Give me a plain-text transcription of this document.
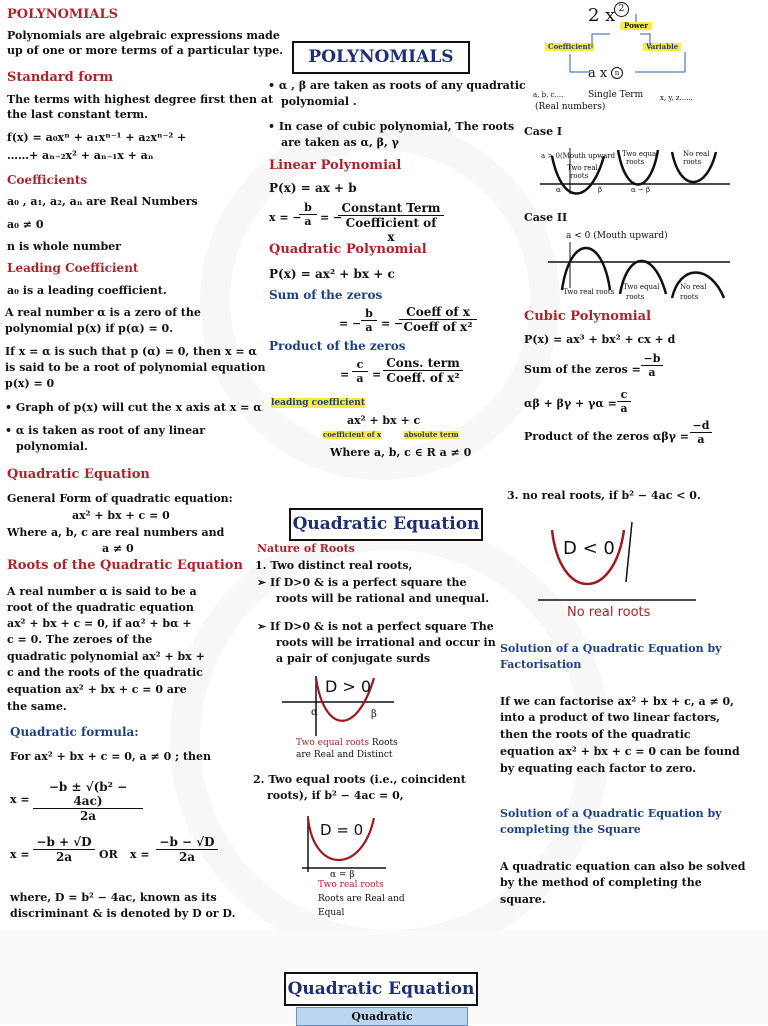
POLYNOMIALS
Polynomials are algebraic expressions made
up of one or more terms of a particular type.
Standard form
The terms with highest degree first then at
the last constant term.
f(x) = a₀xⁿ + a₁xⁿ⁻¹ + a₂xⁿ⁻² +
……+ aₙ₋₂x² + aₙ₋₁x + aₙ
Coefficients
a₀ , a₁, a₂, aₙ are Real Numbers
a₀ ≠ 0
n is whole number
Leading Coefficient
a₀ is a leading coefficient.
A real number α is a zero of the
polynomial p(x) if p(α) = 0.
If x = α is such that p (α) = 0, then x = α
is said to be a root of polynomial equation
p(x) = 0
• Graph of p(x) will cut the x axis at x = α
• α is taken as root of any linear
polynomial.
Quadratic Equation
General Form of quadratic equation:
ax² + bx + c = 0
Where a, b, c are real numbers and
a ≠ 0
Roots of the Quadratic Equation
A real number α is said to be a
root of the quadratic equation
ax² + bx + c = 0, if aα² + bα +
c = 0. The zeroes of the
quadratic polynomial ax² + bx +
c and the roots of the quadratic
equation ax² + bx + c = 0 are
the same.
Quadratic formula:
For ax² + bx + c = 0, a ≠ 0 ; then
$x = \frac{\text{−b ± √(b² − 4ac)}}{2a}$
$x = \frac{-b + √D}{2a}$ OR $x = \frac{-b - √D}{2a}$
where, D = b² − 4ac, known as its
discriminant & is denoted by D or D.
POLYNOMIALS
• α , β are taken as roots of any quadratic
polynomial .
• In case of cubic polynomial, The roots
are taken as α, β, γ
Linear Polynomial
P(x) = ax + b
x = −
$\frac{b}{a}$ = −
Constant Term
Coefficient of x
Quadratic Polynomial
P(x) = ax² + bx + c
Sum of the zeros
= − $\frac{b}{a}$ = −
Coeff of x
Coeff of x²
Product of the zeros
= $\frac{c}{a}$ =
Cons. term
Coeff. of x²
leading coefficient
ax² + bx + c
coefficient of x	absolute term
Where a, b, c ∈ R a ≠ 0
Quadratic Equation
Nature of Roots
1. Two distinct real roots,
➢ If D>0 & is a perfect square the
roots will be rational and unequal.
➢ If D>0 & is not a perfect square The
roots will be irrational and occur in
a pair of conjugate surds
D > 0
α	β
Two equal roots Roots
are Real and Distinct
2. Two equal roots (i.e., coincident
roots), if b² − 4ac = 0,
D = 0
α = β
Two real roots
Roots are Real and
Equal
2 x 2
Power
Coefficient	Variable
a x	n
a, b, c....	Single Term
(Real numbers)
x, y, z......
Case I
a > 0(Mouth upward
Two real
roots
Two equal
roots
No real
roots
α	β	α − β
Case II
a < 0 (Mouth upward)
Two real roots
Two equal
roots
No real
roots
Cubic Polynomial
P(x) = ax³ + bx² + cx + d
Sum of the zeros = $\frac{-b}{a}$
$\alpha\beta + \beta\gamma + \gamma\alpha = \frac{c}{a}$
Product of the zeros $\alpha\beta\gamma = \frac{-d}{a}$
3. no real roots, if b² − 4ac < 0.
D < 0
No real roots
Solution of a Quadratic Equation by
Factorisation
If we can factorise ax² + bx + c, a ≠ 0,
into a product of two linear factors,
then the roots of the quadratic
equation ax² + bx + c = 0 can be found
by equating each factor to zero.
Solution of a Quadratic Equation by
completing the Square
A quadratic equation can also be solved
by the method of completing the
square.
Quadratic Equation
Quadratic
